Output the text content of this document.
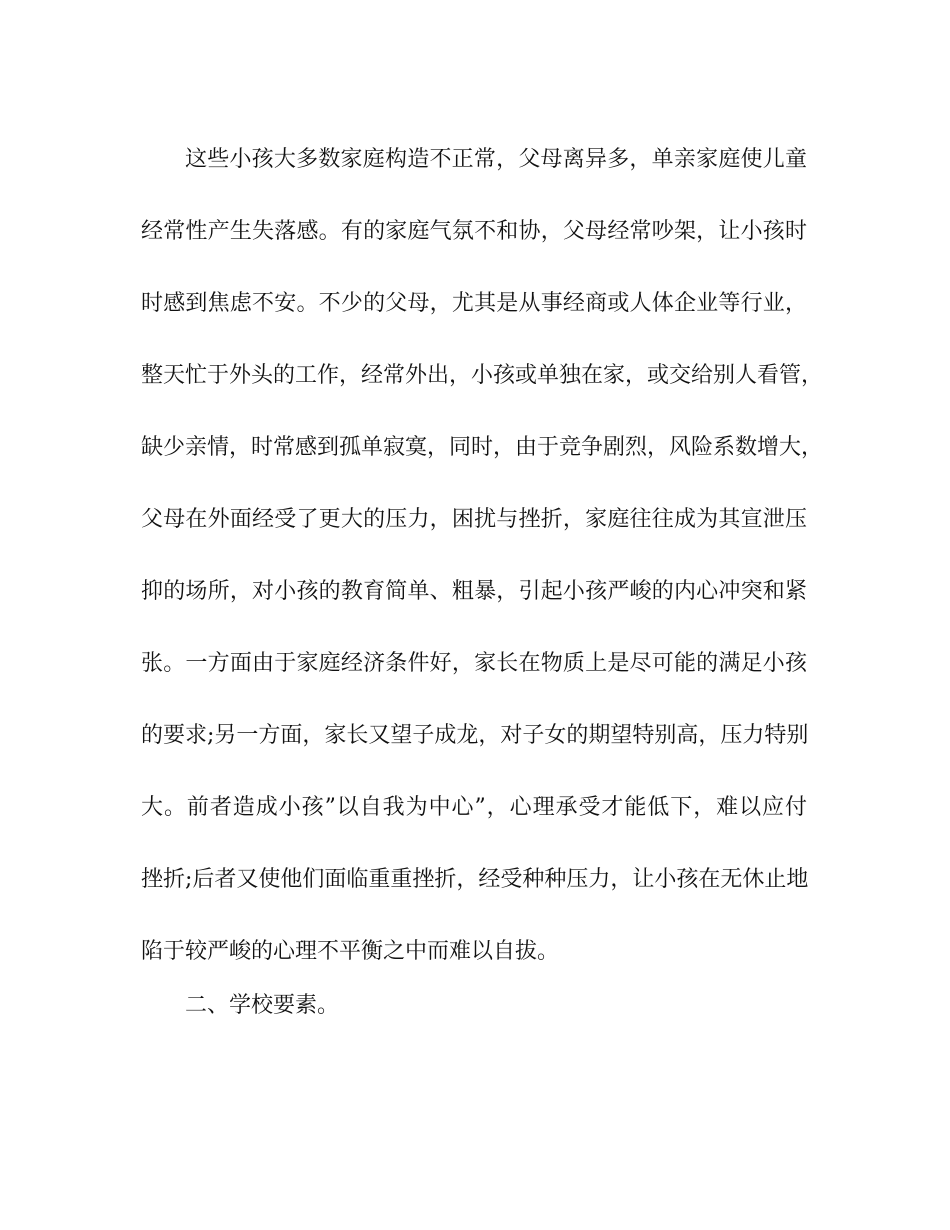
这些小孩大多数家庭构造不正常，父母离异多，单亲家庭使儿童
经常性产生失落感。有的家庭气氛不和协，父母经常吵架，让小孩时
时感到焦虑不安。不少的父母，尤其是从事经商或人体企业等行业，
整天忙于外头的工作，经常外出，小孩或单独在家，或交给别人看管，
缺少亲情，时常感到孤单寂寞，同时，由于竞争剧烈，风险系数增大，
父母在外面经受了更大的压力，困扰与挫折，家庭往往成为其宣泄压
抑的场所，对小孩的教育简单、粗暴，引起小孩严峻的内心冲突和紧
张。一方面由于家庭经济条件好，家长在物质上是尽可能的满足小孩
的要求;另一方面，家长又望子成龙，对子女的期望特别高，压力特别
大。前者造成小孩”以自我为中心”，心理承受才能低下，难以应付
挫折;后者又使他们面临重重挫折，经受种种压力，让小孩在无休止地
陷于较严峻的心理不平衡之中而难以自拔。
二、学校要素。
